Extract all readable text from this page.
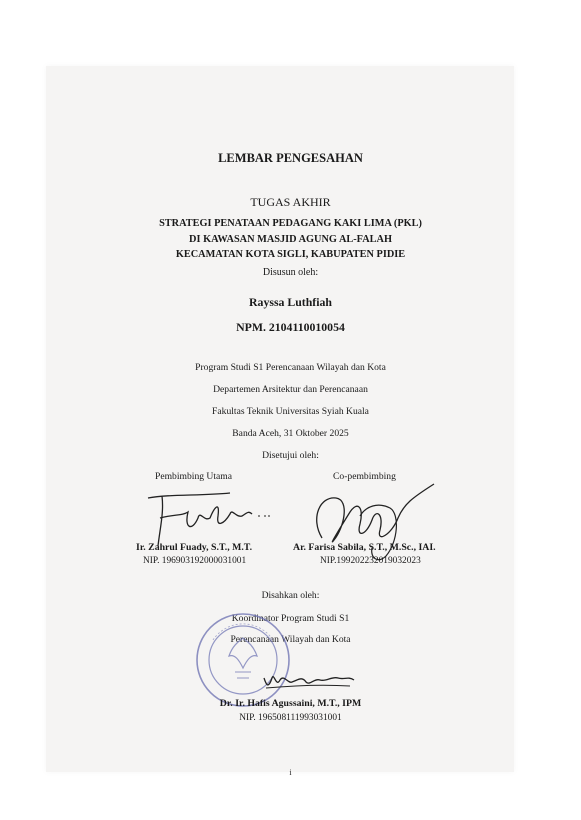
LEMBAR PENGESAHAN
TUGAS AKHIR
STRATEGI PENATAAN PEDAGANG KAKI LIMA (PKL)
DI KAWASAN MASJID AGUNG AL-FALAH
KECAMATAN KOTA SIGLI, KABUPATEN PIDIE
Disusun oleh:
Rayssa Luthfiah
NPM. 2104110010054
Program Studi S1 Perencanaan Wilayah dan Kota
Departemen Arsitektur dan Perencanaan
Fakultas Teknik Universitas Syiah Kuala
Banda Aceh, 31 Oktober 2025
Disetujui oleh:
Pembimbing Utama
Ir. Zahrul Fuady, S.T., M.T.
NIP. 196903192000031001
Co-pembimbing
Ar. Farisa Sabila, S.T., M.Sc., IAI.
NIP.199202232019032023
Disahkan oleh:
Koordinator Program Studi S1
Perencanaan Wilayah dan Kota
Dr. Ir. Hafis Agussaini, M.T., IPM
NIP. 196508111993031001
i
